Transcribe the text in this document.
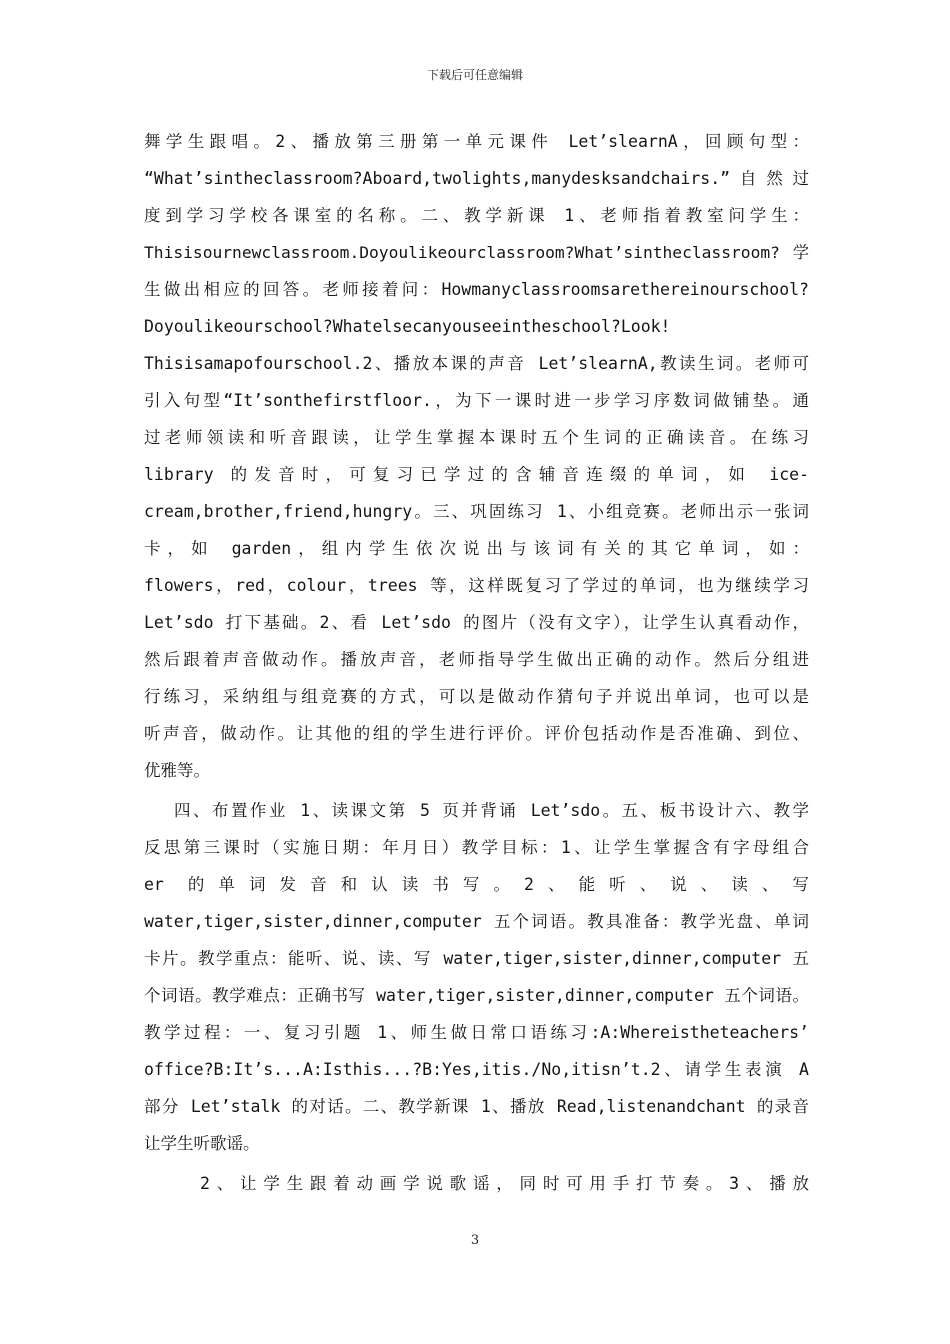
下载后可任意编辑
舞学生跟唱。2、播放第三册第一单元课件 Let’slearnA，回顾句型：
“What’sintheclassroom?Aboard,twolights,manydesksandchairs.”自然过
度到学习学校各课室的名称。二、教学新课 1、老师指着教室问学生：
Thisisournewclassroom.Doyoulikeourclassroom?What’sintheclassroom? 学
生做出相应的回答。老师接着问：Howmanyclassroomsaretherеinourschool?
Doyoulikeourschool?Whatelsecanyouseeintheschool?Look!
Thisisamapofourschool.2、播放本课的声音 Let’slearnA,教读生词。老师可
引入句型“It’sonthefirstfloor.，为下一课时进一步学习序数词做铺垫。通
过老师领读和听音跟读，让学生掌握本课时五个生词的正确读音。在练习
library 的发音时，可复习已学过的含辅音连缀的单词，如 ice-
cream,brother,friend,hungry。三、巩固练习 1、小组竞赛。老师出示一张词
卡，如 garden，组内学生依次说出与该词有关的其它单词，如：
flowers，red，colour，trees 等，这样既复习了学过的单词，也为继续学习
Let’sdo 打下基础。2、看 Let’sdo 的图片（没有文字），让学生认真看动作，
然后跟着声音做动作。播放声音，老师指导学生做出正确的动作。然后分组进
行练习，采纳组与组竞赛的方式，可以是做动作猜句子并说出单词，也可以是
听声音，做动作。让其他的组的学生进行评价。评价包括动作是否准确、到位、
优雅等。
四、布置作业 1、读课文第 5 页并背诵 Let’sdo。五、板书设计六、教学
反思第三课时（实施日期：年月日）教学目标：1、让学生掌握含有字母组合
er 的单词发音和认读书写。2、能听、说、读、写
water,tiger,sister,dinner,computer 五个词语。教具准备：教学光盘、单词
卡片。教学重点：能听、说、读、写 water,tiger,sister,dinner,computer 五
个词语。教学难点：正确书写 water,tiger,sister,dinner,computer 五个词语。
教学过程：一、复习引题 1、师生做日常口语练习:A:Whereistheteachers’
office?B:It’s...A:Isthis...?B:Yes,itis./No,itisn’t.2、请学生表演 A
部分 Let’stalk 的对话。二、教学新课 1、播放 Read,listenandchant 的录音
让学生听歌谣。
2、让学生跟着动画学说歌谣，同时可用手打节奏。3、播放
3
